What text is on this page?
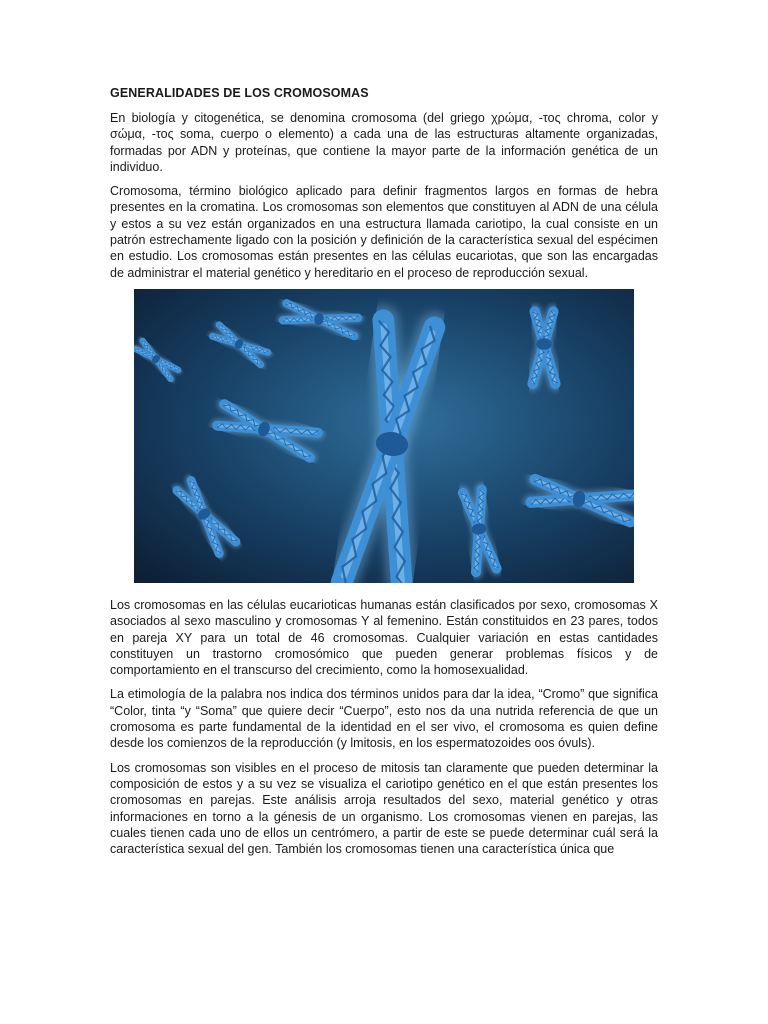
GENERALIDADES DE LOS CROMOSOMAS

En biología y citogenética, se denomina cromosoma (del griego χρώμα, -τος chroma, color y σώμα, -τος soma, cuerpo o elemento) a cada una de las estructuras altamente organizadas, formadas por ADN y proteínas, que contiene la mayor parte de la información genética de un individuo.

Cromosoma, término biológico aplicado para definir fragmentos largos en formas de hebra presentes en la cromatina. Los cromosomas son elementos que constituyen al ADN de una célula y estos a su vez están organizados en una estructura llamada cariotipo, la cual consiste en un patrón estrechamente ligado con la posición y definición de la característica sexual del espécimen en estudio. Los cromosomas están presentes en las células eucariotas, que son las encargadas de administrar el material genético y hereditario en el proceso de reproducción sexual.

Los cromosomas en las células eucarioticas humanas están clasificados por sexo, cromosomas X asociados al sexo masculino y cromosomas Y al femenino. Están constituidos en 23 pares, todos en pareja XY para un total de 46 cromosomas. Cualquier variación en estas cantidades constituyen un trastorno cromosómico que pueden generar problemas físicos y de comportamiento en el transcurso del crecimiento, como la homosexualidad.

La etimología de la palabra nos indica dos términos unidos para dar la idea, “Cromo” que significa “Color, tinta “y “Soma” que quiere decir “Cuerpo”, esto nos da una nutrida referencia de que un cromosoma es parte fundamental de la identidad en el ser vivo, el cromosoma es quien define desde los comienzos de la reproducción (y lmitosis, en los espermatozoides oos óvuls).

Los cromosomas son visibles en el proceso de mitosis tan claramente que pueden determinar la composición de estos y a su vez se visualiza el cariotipo genético en el que están presentes los cromosomas en parejas. Este análisis arroja resultados del sexo, material genético y otras informaciones en torno a la génesis de un organismo. Los cromosomas vienen en parejas, las cuales tienen cada uno de ellos un centrómero, a partir de este se puede determinar cuál será la característica sexual del gen. También los cromosomas tienen una característica única que
